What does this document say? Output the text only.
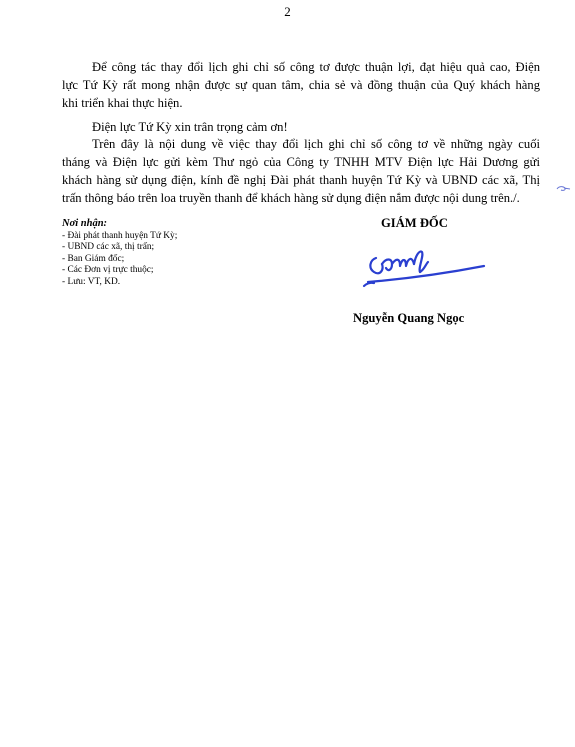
2

Để công tác thay đổi lịch ghi chỉ số công tơ được thuận lợi, đạt hiệu quả cao, Điện
lực Tứ Kỳ rất mong nhận được sự quan tâm, chia sẻ và đồng thuận của Quý khách hàng
khi triển khai thực hiện.

Điện lực Tứ Kỳ xin trân trọng cảm ơn!

Trên đây là nội dung về việc thay đổi lịch ghi chỉ số công tơ về những ngày cuối
tháng và Điện lực gửi kèm Thư ngỏ của Công ty TNHH MTV Điện lực Hải Dương gửi
khách hàng sử dụng điện, kính đề nghị Đài phát thanh huyện Tứ Kỳ và UBND các xã, Thị
trấn thông báo trên loa truyền thanh để khách hàng sử dụng điện nắm được nội dung trên./.

Nơi nhận:
- Đài phát thanh huyện Tứ Kỳ;
- UBND các xã, thị trấn;
- Ban Giám đốc;
- Các Đơn vị trực thuộc;
- Lưu: VT, KD.
GIÁM ĐỐC
Nguyễn Quang Ngọc
